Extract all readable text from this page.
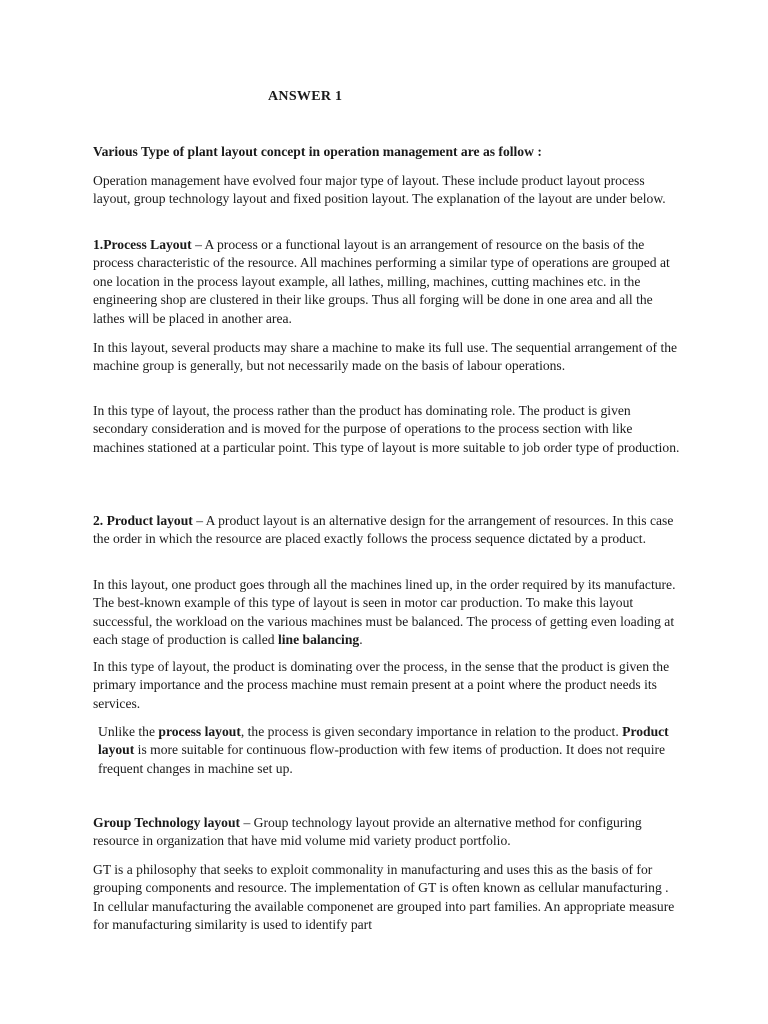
ANSWER 1

Various Type of plant layout concept in operation management are as follow :

Operation management have evolved four major type of layout. These include product layout process layout, group technology layout and fixed position layout. The explanation of the layout are under below.

1.Process Layout – A process or a functional layout is an arrangement of resource on the basis of the process characteristic of the resource. All machines performing a similar type of operations are grouped at one location in the process layout example, all lathes, milling, machines, cutting machines etc. in the engineering shop are clustered in their like groups. Thus all forging will be done in one area and all the lathes will be placed in another area.

In this layout, several products may share a machine to make its full use. The sequential arrangement of the machine group is generally, but not necessarily made on the basis of labour operations.

In this type of layout, the process rather than the product has dominating role. The product is given secondary consideration and is moved for the purpose of operations to the process section with like machines stationed at a particular point. This type of layout is more suitable to job order type of production.

2. Product layout – A product layout is an alternative design for the arrangement of resources. In this case the order in which the resource are placed exactly follows the process sequence dictated by a product.

In this layout, one product goes through all the machines lined up, in the order required by its manufacture. The best-known example of this type of layout is seen in motor car production. To make this layout successful, the workload on the various machines must be balanced. The process of getting even loading at each stage of production is called line balancing.

In this type of layout, the product is dominating over the process, in the sense that the product is given the primary importance and the process machine must remain present at a point where the product needs its services.

Unlike the process layout, the process is given secondary importance in relation to the product. Product layout is more suitable for continuous flow-production with few items of production. It does not require frequent changes in machine set up.

Group Technology layout – Group technology layout provide an alternative method for configuring resource in organization that have mid volume mid variety product portfolio.

GT is a philosophy that seeks to exploit commonality in manufacturing and uses this as the basis of for grouping components and resource. The implementation of GT is often known as cellular manufacturing . In cellular manufacturing the available componenet are grouped into part families. An appropriate measure for manufacturing similarity is used to identify part
